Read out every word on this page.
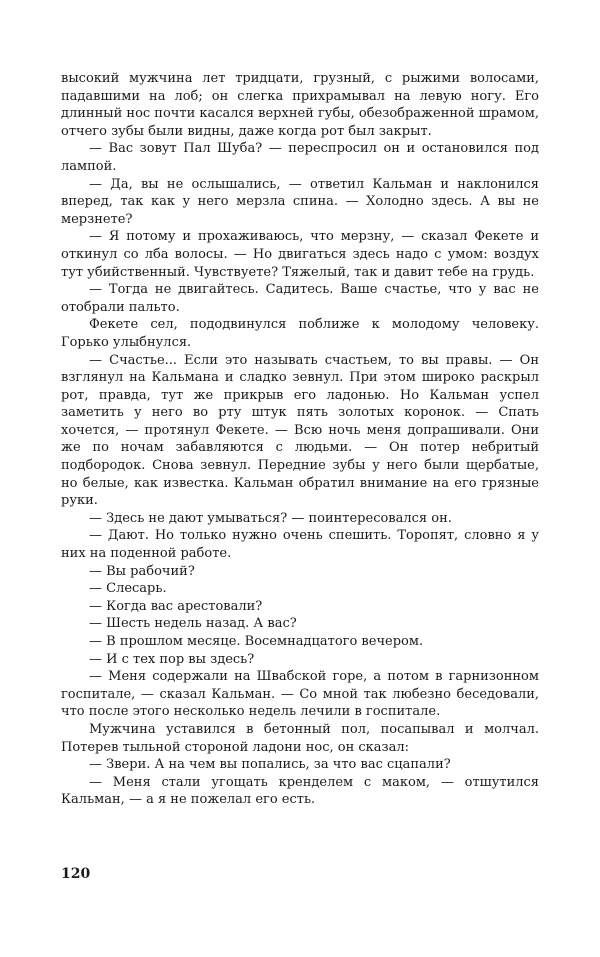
высокий мужчина лет тридцати, грузный, с рыжими волосами, падавшими на лоб; он слегка прихрамывал на левую ногу. Его длинный нос почти касался верхней губы, обезображенной шрамом, отчего зубы были видны, даже когда рот был закрыт.

— Вас зовут Пал Шуба? — переспросил он и остановился под лампой.

— Да, вы не ослышались, — ответил Кальман и наклонился вперед, так как у него мерзла спина. — Холодно здесь. А вы не мерзнете?

— Я потому и прохаживаюсь, что мерзну, — сказал Фекете и откинул со лба волосы. — Но двигаться здесь надо с умом: воздух тут убийственный. Чувствуете? Тяжелый, так и давит тебе на грудь.

— Тогда не двигайтесь. Садитесь. Ваше счастье, что у вас не отобрали пальто.

Фекете сел, пододвинулся поближе к молодому человеку. Горько улыбнулся.

— Счастье... Если это называть счастьем, то вы правы. — Он взглянул на Кальмана и сладко зевнул. При этом широко раскрыл рот, правда, тут же прикрыв его ладонью. Но Кальман успел заметить у него во рту штук пять золотых коронок. — Спать хочется, — протянул Фекете. — Всю ночь меня допрашивали. Они же по ночам забавляются с людьми. — Он потер небритый подбородок. Снова зевнул. Передние зубы у него были щербатые, но белые, как известка. Кальман обратил внимание на его грязные руки.

— Здесь не дают умываться? — поинтересовался он.

— Дают. Но только нужно очень спешить. Торопят, словно я у них на поденной работе.

— Вы рабочий?

— Слесарь.

— Когда вас арестовали?

— Шесть недель назад. А вас?

— В прошлом месяце. Восемнадцатого вечером.

— И с тех пор вы здесь?

— Меня содержали на Швабской горе, а потом в гарнизонном госпитале, — сказал Кальман. — Со мной так любезно беседовали, что после этого несколько недель лечили в госпитале.

Мужчина уставился в бетонный пол, посапывал и молчал. Потерев тыльной стороной ладони нос, он сказал:

— Звери. А на чем вы попались, за что вас сцапали?

— Меня стали угощать кренделем с маком, — отшутился Кальман, — а я не пожелал его есть.

120
